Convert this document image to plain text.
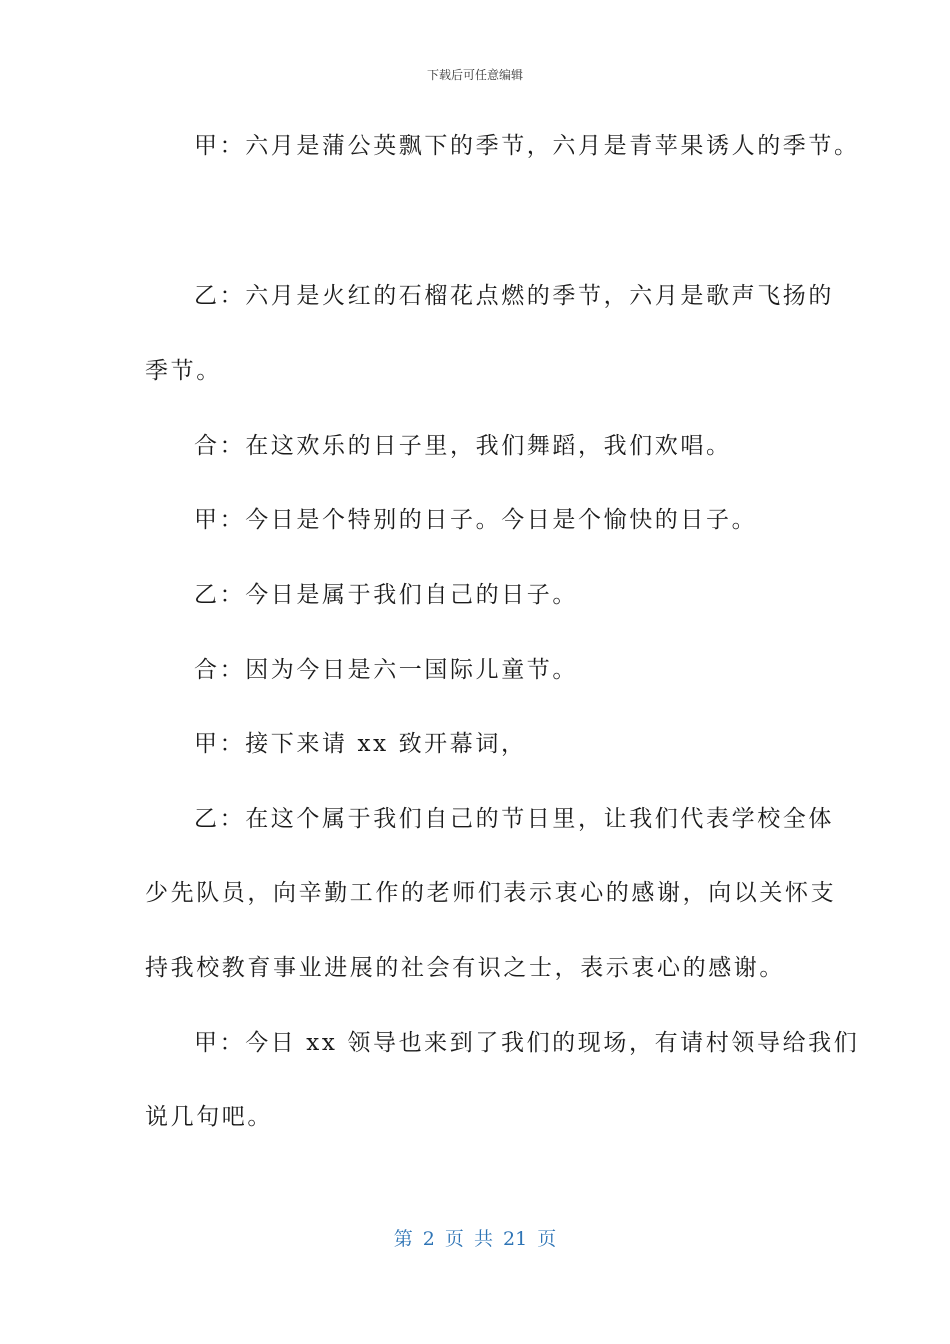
下载后可任意编辑
甲：六月是蒲公英飘下的季节，六月是青苹果诱人的季节。
乙：六月是火红的石榴花点燃的季节，六月是歌声飞扬的
季节。
合：在这欢乐的日子里，我们舞蹈，我们欢唱。
甲：今日是个特别的日子。今日是个愉快的日子。
乙：今日是属于我们自己的日子。
合：因为今日是六一国际儿童节。
甲：接下来请 xx 致开幕词，
乙：在这个属于我们自己的节日里，让我们代表学校全体
少先队员，向辛勤工作的老师们表示衷心的感谢，向以关怀支
持我校教育事业进展的社会有识之士，表示衷心的感谢。
甲：今日 xx 领导也来到了我们的现场，有请村领导给我们
说几句吧。
第 2 页 共 21 页
